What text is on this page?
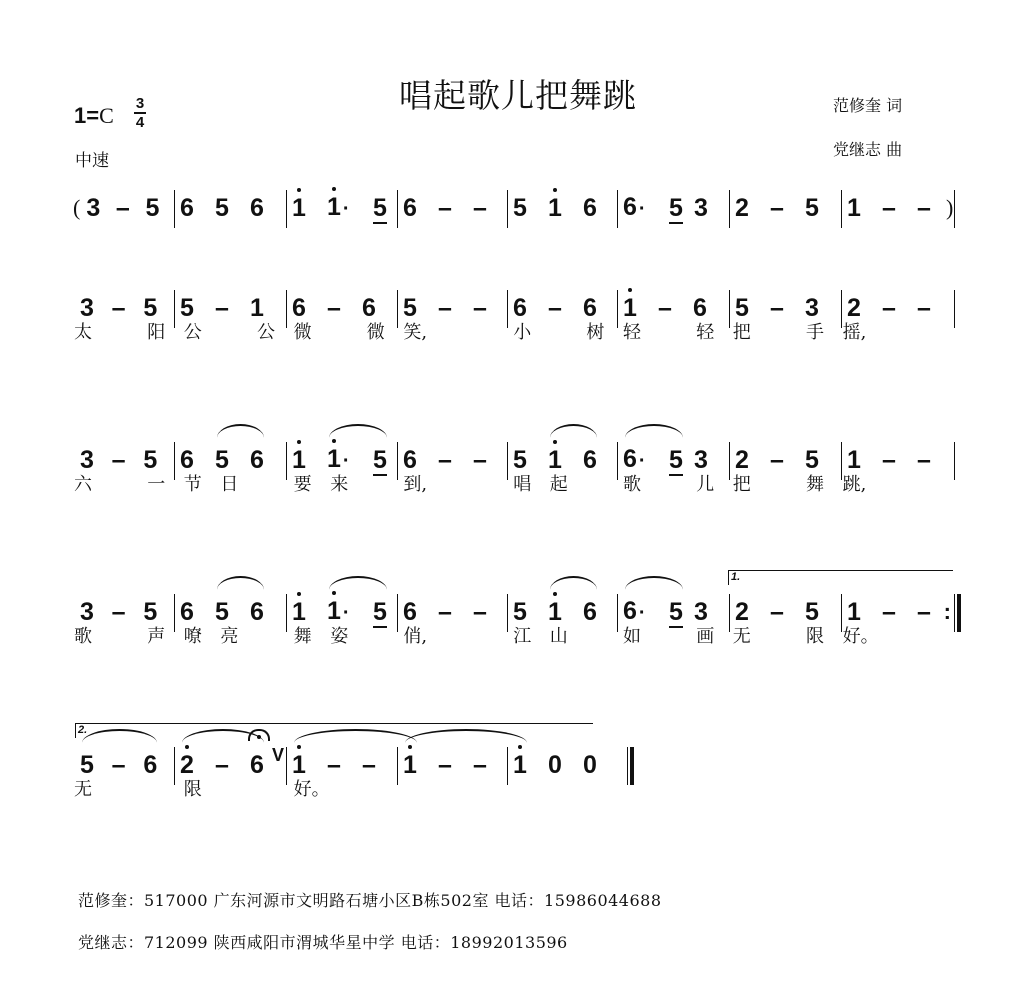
唱起歌儿把舞跳
1=C 3
4
中速
范修奎 词
党继志 曲
( 3 – 5 6 5 6	1 1 · 5 6 – –	5 1 6	6 · 5 3	2 – 5	1 – – )
3 – 5 5 – 1	6 – 6	5 – –	6 – 6	1 – 6	5 – 3	2 – –
3 – 5 6 5 6	1 1 · 5 6 – –	5 1 6	6 · 5 3	2 – 5	1 – –
3 – 5 6 5 6	1 1 · 5 6 – –	5 1 6	6 · 5 3	2 – 5	1 – – :
5 – 6 2 – 6 V 1 – –	1 – –	1 0 0
范修奎：517000 广东河源市文明路石塘小区B栋502室 电话：15986044688
党继志：712099 陕西咸阳市渭城华星中学 电话：18992013596
太	阳 公	公 微	微 笑,	小	树 轻	轻 把	手 摇,
六	一 节 日	要 来	到,	唱 起	歌	儿 把	舞 跳,
1.
歌	声 嘹 亮	舞 姿	俏,	江 山	如	画 无	限 好。
2.
无	限	好。
